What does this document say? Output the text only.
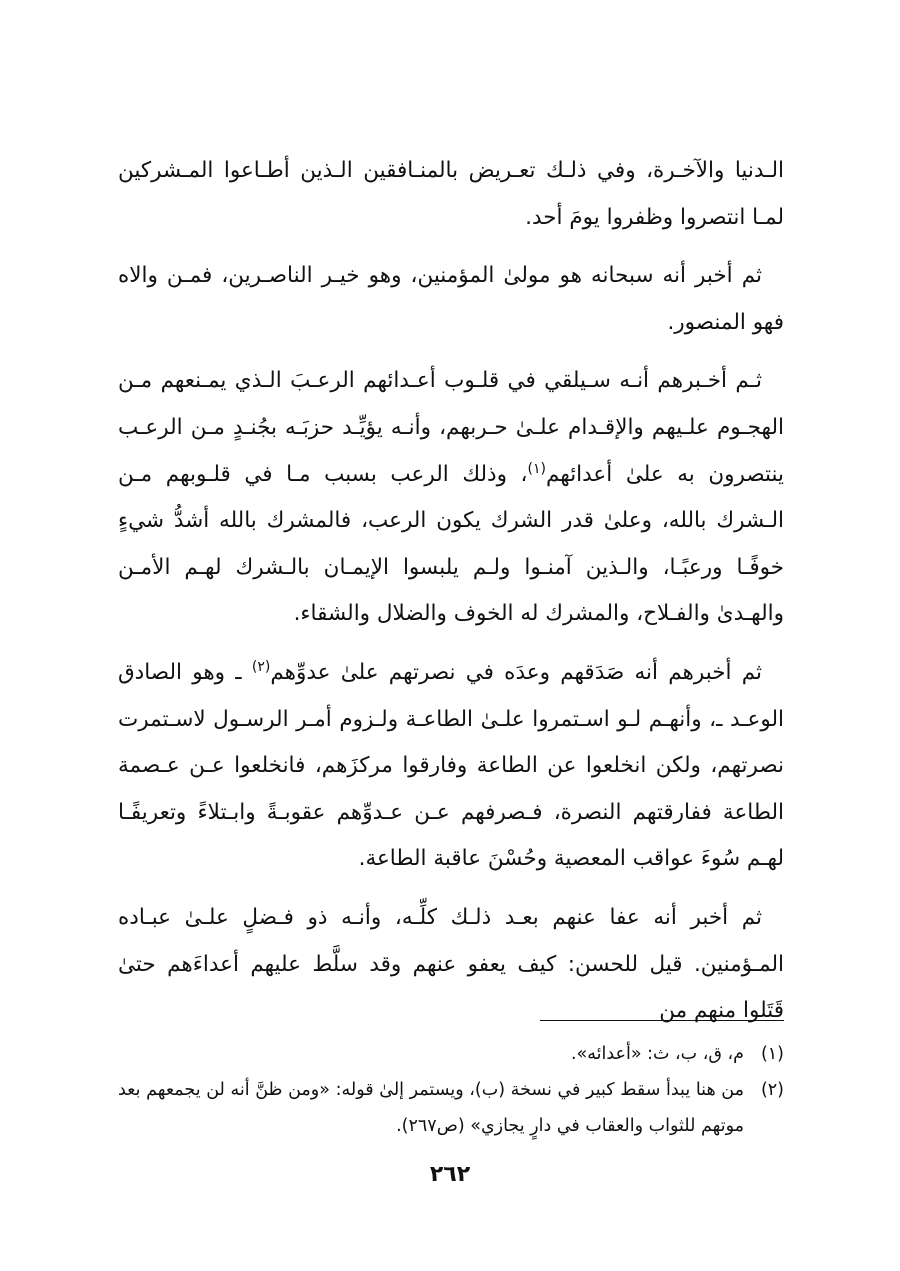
الـدنيا والآخـرة، وفي ذلـك تعـريض بالمنـافقين الـذين أطـاعوا المـشركين لمـا انتصروا وظفروا يومَ أحد.

ثم أخبر أنه سبحانه هو مولىٰ المؤمنين، وهو خيـر الناصـرين، فمـن والاه فهو المنصور.

ثـم أخـبرهم أنـه سـيلقي في قلـوب أعـدائهم الرعـبَ الـذي يمـنعهم مـن الهجـوم علـيهم والإقـدام علـىٰ حـربهم، وأنـه يؤيِّـد حزبَـه بجُنـدٍ مـن الرعـب ينتصرون به علىٰ أعدائهم$^{(١)}$، وذلك الرعب بسبب مـا في قلـوبهم مـن الـشرك بالله، وعلىٰ قدر الشرك يكون الرعب، فالمشرك بالله أشدُّ شيءٍ خوفًـا ورعبًـا، والـذين آمنـوا ولـم يلبسوا الإيمـان بالـشرك لهـم الأمـن والهـدىٰ والفـلاح، والمشرك له الخوف والضلال والشقاء.

ثم أخبرهم أنه صَدَقهم وعدَه في نصرتهم علىٰ عدوِّهم$^{(٢)}$ ـ وهو الصادق الوعـد ـ، وأنهـم لـو اسـتمروا علـىٰ الطاعـة ولـزوم أمـر الرسـول لاسـتمرت نصرتهم، ولكن انخلعوا عن الطاعة وفارقوا مركزَهم، فانخلعوا عـن عـصمة الطاعة ففارقتهم النصرة، فـصرفهم عـن عـدوِّهم عقوبـةً وابـتلاءً وتعريفًـا لهـم سُوءَ عواقب المعصية وحُسْنَ عاقبة الطاعة.

ثم أخبر أنه عفا عنهم بعـد ذلـك كلِّـه، وأنـه ذو فـضلٍ علـىٰ عبـاده المـؤمنين. قيل للحسن: كيف يعفو عنهم وقد سلَّط عليهم أعداءَهم حتىٰ قَتَلوا منهم من

(١)
م، ق، ب، ث: «أعدائه».

(٢)
من هنا يبدأ سقط كبير في نسخة (ب)، ويستمر إلىٰ قوله: «ومن ظنَّ أنه لن يجمعهم بعد موتهم للثواب والعقاب في دارٍ يجازي» (ص٢٦٧).

٢٦٢
